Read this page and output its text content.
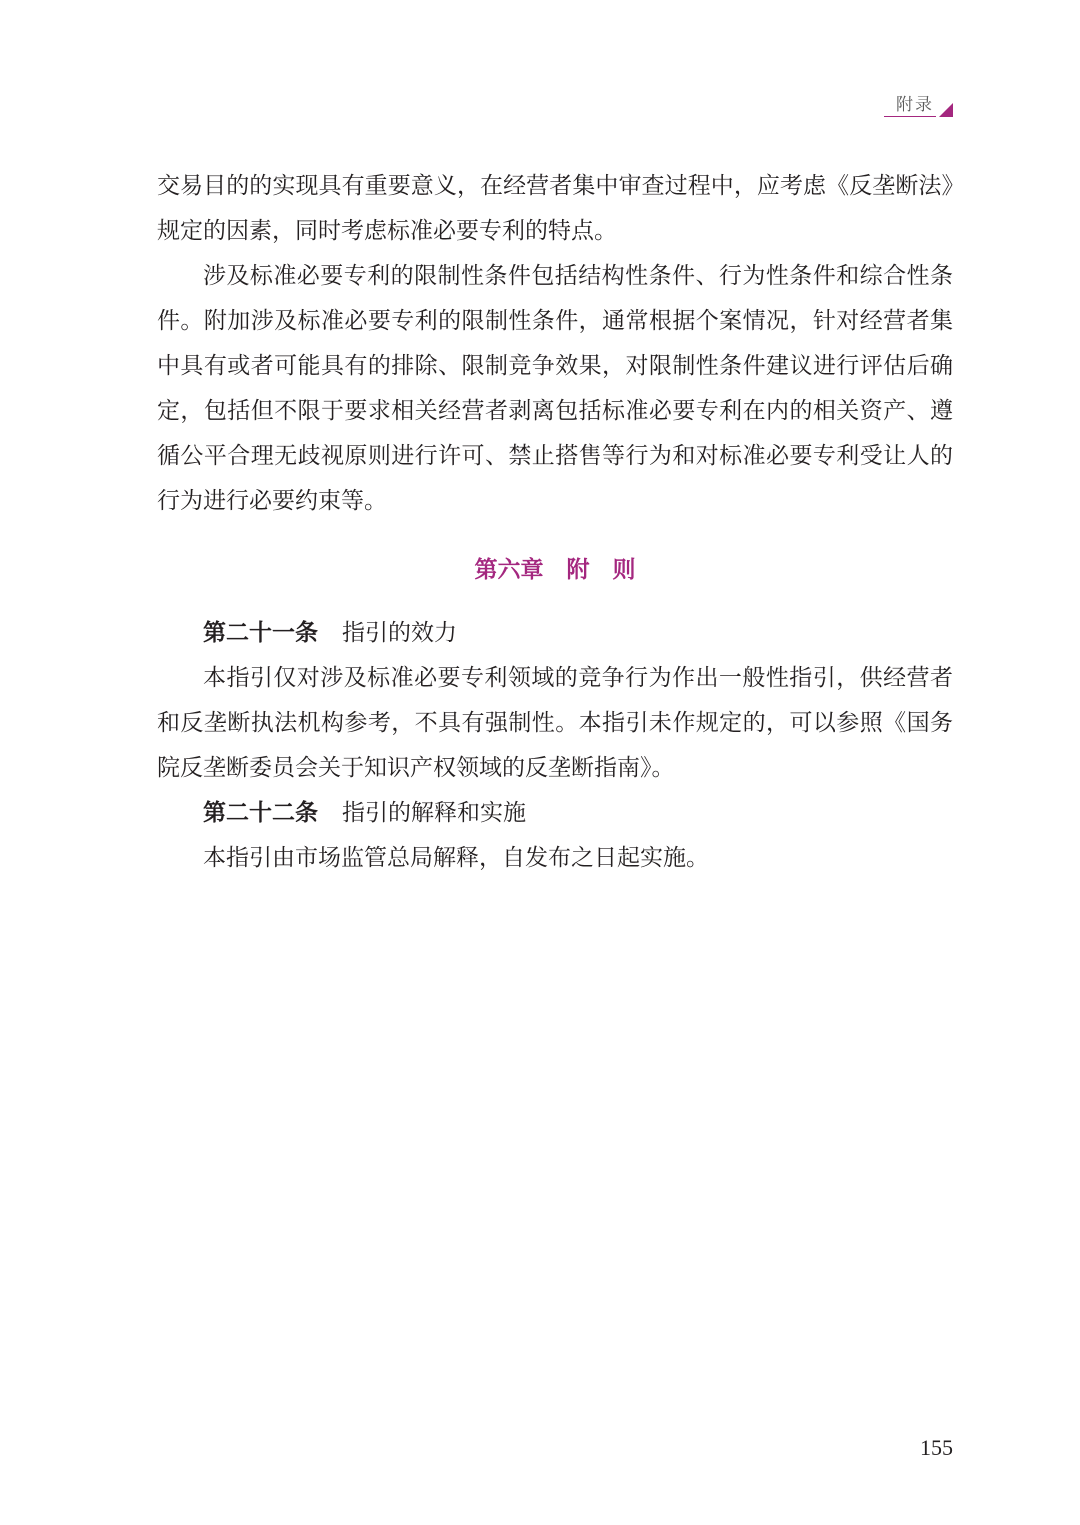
附录

交易目的的实现具有重要意义，在经营者集中审查过程中，应考虑《反垄断法》规定的因素，同时考虑标准必要专利的特点。

涉及标准必要专利的限制性条件包括结构性条件、行为性条件和综合性条件。附加涉及标准必要专利的限制性条件，通常根据个案情况，针对经营者集中具有或者可能具有的排除、限制竞争效果，对限制性条件建议进行评估后确定，包括但不限于要求相关经营者剥离包括标准必要专利在内的相关资产、遵循公平合理无歧视原则进行许可、禁止搭售等行为和对标准必要专利受让人的行为进行必要约束等。

第六章　附　则

第二十一条 指引的效力

本指引仅对涉及标准必要专利领域的竞争行为作出一般性指引，供经营者和反垄断执法机构参考，不具有强制性。本指引未作规定的，可以参照《国务院反垄断委员会关于知识产权领域的反垄断指南》。

第二十二条 指引的解释和实施

本指引由市场监管总局解释，自发布之日起实施。

155
